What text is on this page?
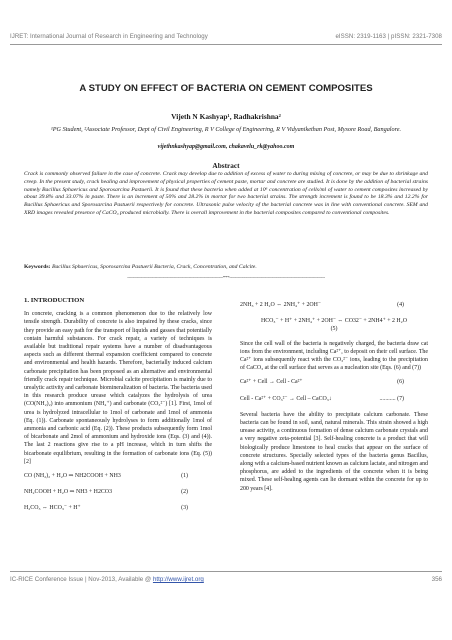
IJRET: International Journal of Research in Engineering and Technology	eISSN: 2319-1163 | pISSN: 2321-7308
A STUDY ON EFFECT OF BACTERIA ON CEMENT COMPOSITES
Vijeth N Kashyap¹, Radhakrishna²
¹PG Student, ²Associate Professor, Dept of Civil Engineering, R V College of Engineering, R V Vidyanikethan Post, Mysore Road, Bangalore.
vijethnkashyap@gmail.com, chakavelu_rk@yahoo.com
Abstract
Crack is commonly observed failure in the case of concrete. Crack may develop due to addition of excess of water to during mixing of concrete, or may be due to shrinkage and creep. In the present study, crack healing and improvement of physical properties of cement paste, mortar and concrete are studied. It is done by the addition of bacterial strains namely Bacillus Sphaericus and Sporosarcina Pastuerii. It is found that these bacteria when added at 10⁶ concentration of cells/ml of water to cement composites increased by about 39.8% and 33.07% in paste. There is an increment of 50% and 28.2% in mortar for two bacterial strains. The strength increment is found to be 18.3% and 12.2% for Bacillus Sphaericus and Sporosarcina Pastuerii respectively for concrete. Ultrasonic pulse velocity of the bacterial concrete was in line with conventional concrete. SEM and XRD images revealed presence of CaCO₃ produced microbially. There is overall improvement in the bacterial composites compared to conventional composites.
Keywords: Bacillus Sphaericus, Sporosarcina Pastuerii Bacteria, Crack, Concentration, and Calcite.
----------------------------------------------------------------------***----------------------------------------------------------------------
1. INTRODUCTION

In concrete, cracking is a common phenomenon due to the relatively low tensile strength. Durability of concrete is also impaired by these cracks, since they provide an easy path for the transport of liquids and gasses that potentially contain harmful substances. For crack repair, a variety of techniques is available but traditional repair systems have a number of disadvantageous aspects such as different thermal expansion coefficient compared to concrete and environmental and health hazards. Therefore, bacterially induced calcium carbonate precipitation has been proposed as an alternative and environmental friendly crack repair technique. Microbial calcite precipitation is mainly due to urealytic activity and carbonate biomineralization of bacteria. The bacteria used in this research produce urease which catalyzes the hydrolysis of urea (CO(NH₂)₂) into ammonium (NH₄⁺) and carbonate (CO₃²⁻) [1]. First, 1mol of urea is hydrolyzed intracellular to 1mol of carbonate and 1mol of ammonia (Eq. (1)). Carbonate spontaneously hydrolyses to form additionally 1mol of ammonia and carbonic acid (Eq. (2)). These products subsequently form 1mol of bicarbonate and 2mol of ammonium and hydroxide ions (Eqs. (3) and (4)). The last 2 reactions give rise to a pH increase, which in turn shifts the bicarbonate equilibrium, resulting in the formation of carbonate ions (Eq. (5)) [2]

CO (NH₂)₂ + H₂O ⇒ NH2COOH + NH3	(1)
NH₂COOH + H₂O ⇒ NH3 + H2CO3	(2)
H₂CO₃ ⇔ HCO₃⁻ + H⁺	(3)
2NH₃ + 2 H₂O ⇔ 2NH₄⁺ + 2OH⁻	(4)
HCO₃⁻ + H⁺ + 2NH₄⁺ + 2OH⁻ ⇔ CO32⁻ + 2NH4⁺ + 2 H₂O
(5)

Since the cell wall of the bacteria is negatively charged, the bacteria draw cat ions from the environment, including Ca²⁺, to deposit on their cell surface. The Ca²⁺ ions subsequently react with the CO₃²⁻ ions, leading to the precipitation of CaCO₃ at the cell surface that serves as a nucleation site (Eqs. (6) and (7))

Ca²⁺ + Cell → Cell - Ca²⁺	(6)
Cell - Ca²⁺ + CO₃²⁻ → Cell – CaCO₃↓	........... (7)

Several bacteria have the ability to precipitate calcium carbonate. These bacteria can be found in soil, sand, natural minerals. This strain showed a high urease activity, a continuous formation of dense calcium carbonate crystals and a very negative zeta-potential [3]. Self-healing concrete is a product that will biologically produce limestone to heal cracks that appear on the surface of concrete structures. Specially selected types of the bacteria genus Bacillus, along with a calcium-based nutrient known as calcium lactate, and nitrogen and phosphorus, are added to the ingredients of the concrete when it is being mixed. These self-healing agents can lie dormant within the concrete for up to 200 years [4].

IC-RICE Conference Issue | Nov-2013, Available @ http://www.ijret.org	356
